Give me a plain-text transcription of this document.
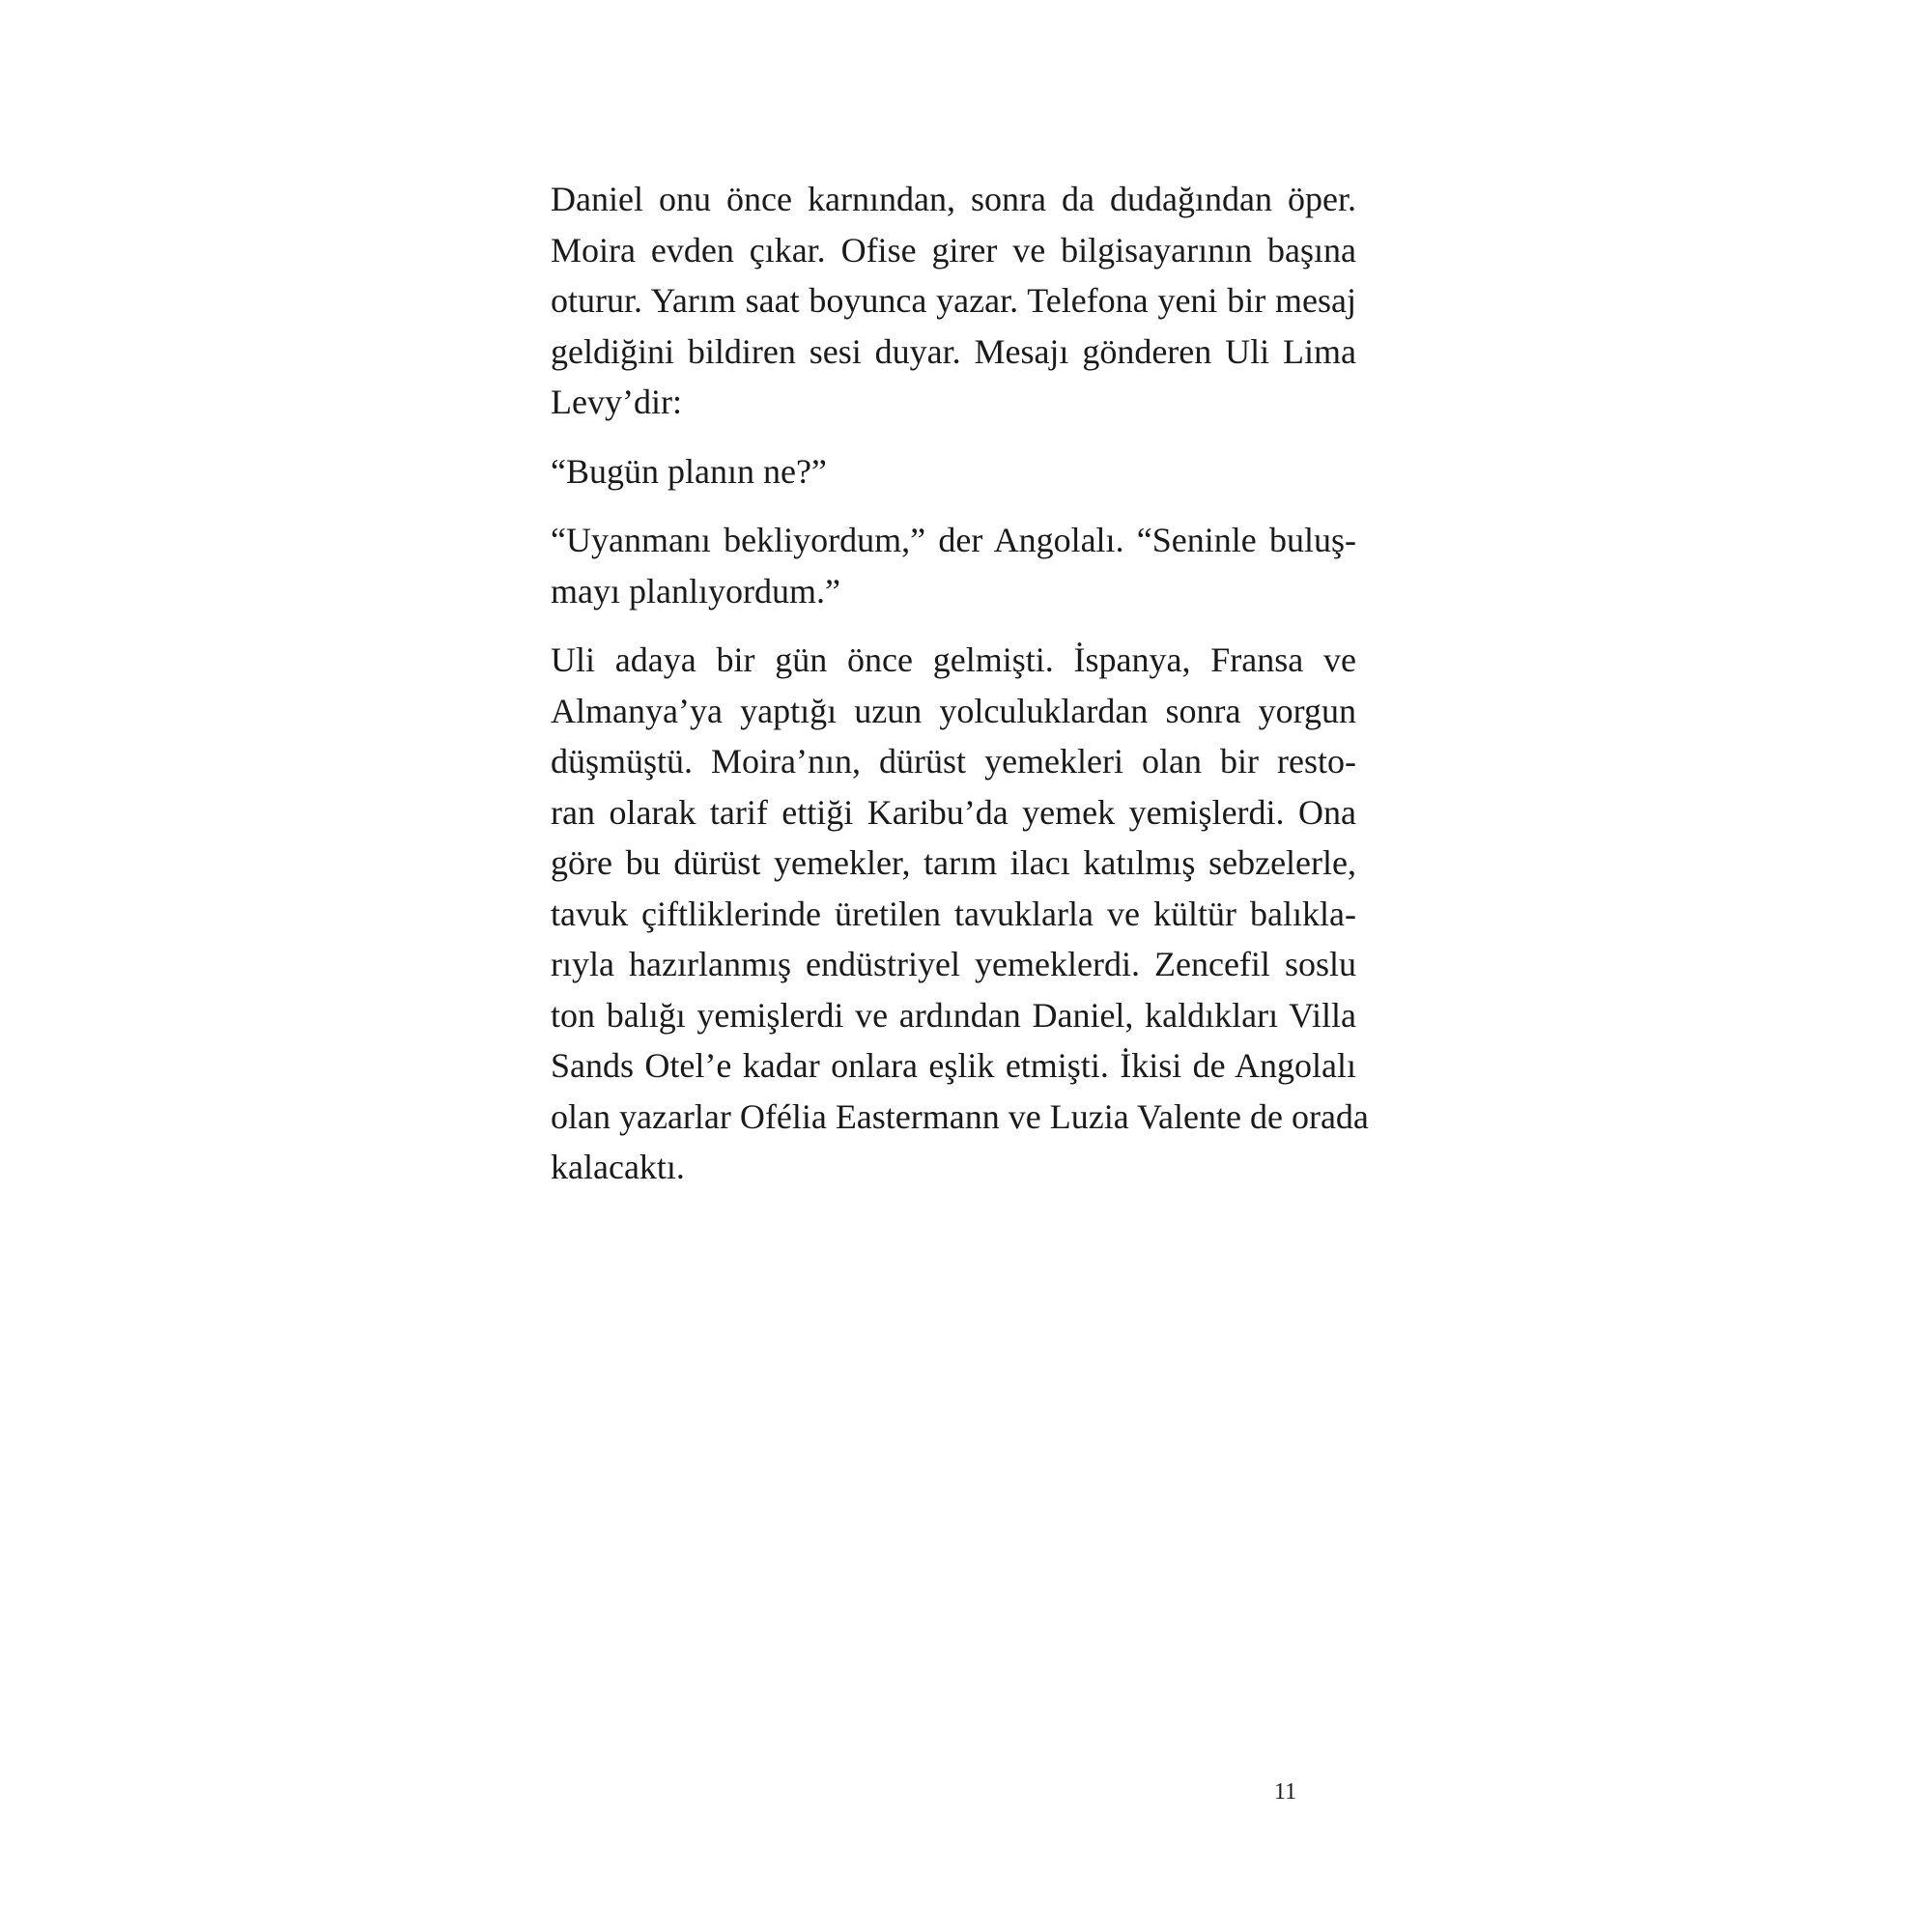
Daniel onu önce karnından, sonra da dudağından öper.
Moira evden çıkar. Ofise girer ve bilgisayarının başına
oturur. Yarım saat boyunca yazar. Telefona yeni bir mesaj
geldiğini bildiren sesi duyar. Mesajı gönderen Uli Lima
Levy’dir:

“Bugün planın ne?”

“Uyanmanı bekliyordum,” der Angolalı. “Seninle buluş-
mayı planlıyordum.”

Uli adaya bir gün önce gelmişti. İspanya, Fransa ve
Almanya’ya yaptığı uzun yolculuklardan sonra yorgun
düşmüştü. Moira’nın, dürüst yemekleri olan bir resto-
ran olarak tarif ettiği Karibu’da yemek yemişlerdi. Ona
göre bu dürüst yemekler, tarım ilacı katılmış sebzelerle,
tavuk çiftliklerinde üretilen tavuklarla ve kültür balıkla-
rıyla hazırlanmış endüstriyel yemeklerdi. Zencefil soslu
ton balığı yemişlerdi ve ardından Daniel, kaldıkları Villa
Sands Otel’e kadar onlara eşlik etmişti. İkisi de Angolalı
olan yazarlar Ofélia Eastermann ve Luzia Valente de orada
kalacaktı.

11
